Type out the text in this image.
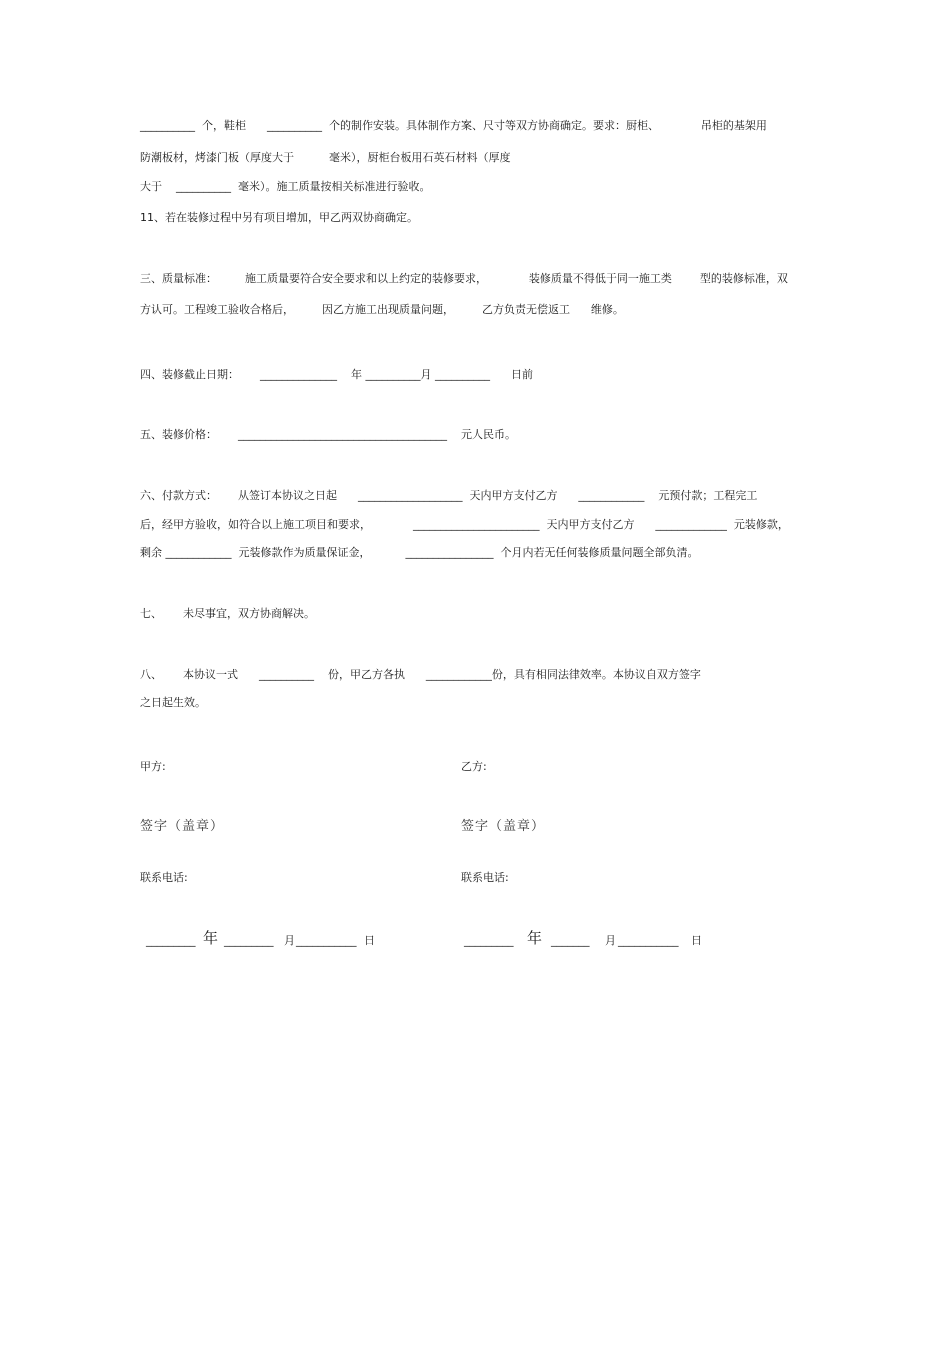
__________  个，鞋柜      __________  个的制作安装。具体制作方案、尺寸等双方协商确定。要求：厨柜、            吊柜的基架用
防潮板材，烤漆门板（厚度大于          毫米），厨柜台板用石英石材料（厚度
大于    __________  毫米）。施工质量按相关标准进行验收。
11、若在装修过程中另有项目增加，甲乙两双协商确定。
三、质量标准：        施工质量要符合安全要求和以上约定的装修要求，            装修质量不得低于同一施工类        型的装修标准，双
方认可。工程竣工验收合格后，        因乙方施工出现质量问题，        乙方负责无偿返工      维修。
四、装修截止日期：      ______________    年 __________月 __________      日前
五、装修价格：      ______________________________________    元人民币。
六、付款方式：      从签订本协议之日起      ___________________  天内甲方支付乙方      ____________    元预付款；工程完工
后，经甲方验收，如符合以上施工项目和要求，            _______________________  天内甲方支付乙方      _____________  元装修款，
剩余 ____________  元装修款作为质量保证金，          ________________  个月内若无任何装修质量问题全部负清。
七、      未尽事宜，双方协商解决。
八、      本协议一式      __________    份，甲乙方各执      ____________份，具有相同法律效率。本协议自双方签字
之日起生效。
甲方:
签字（盖章）
联系电话:
_________ 年 _________ 月 ___________ 日
乙方:
签字（盖章）
联系电话:
_________ 年 _______ 月 ___________ 日
